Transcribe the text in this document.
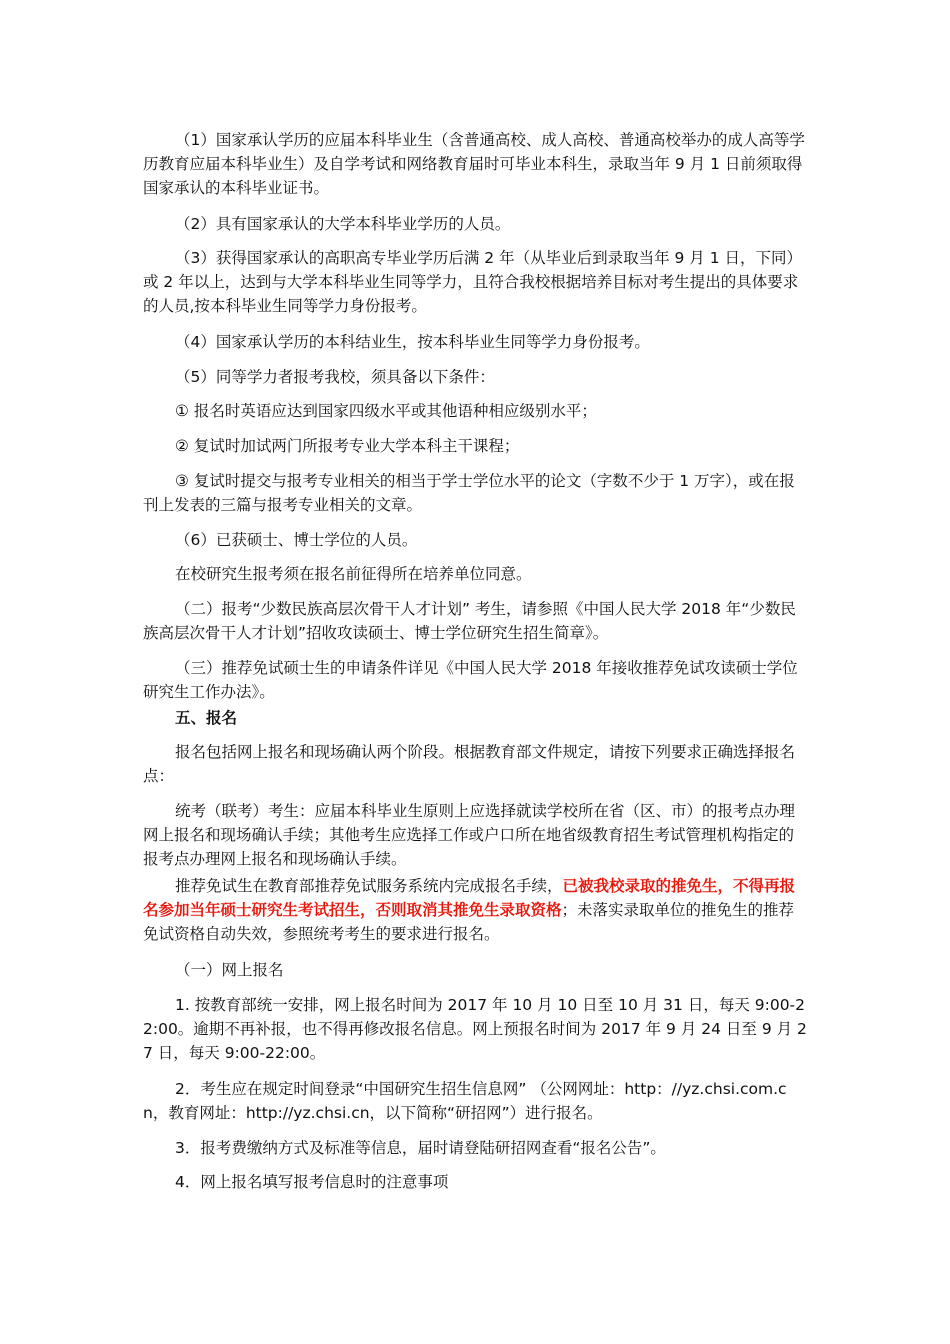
（1）国家承认学历的应届本科毕业生（含普通高校、成人高校、普通高校举办的成人高等学历教育应届本科毕业生）及自学考试和网络教育届时可毕业本科生，录取当年 9 月 1 日前须取得国家承认的本科毕业证书。

（2）具有国家承认的大学本科毕业学历的人员。

（3）获得国家承认的高职高专毕业学历后满 2 年（从毕业后到录取当年 9 月 1 日，下同）或 2 年以上，达到与大学本科毕业生同等学力，且符合我校根据培养目标对考生提出的具体要求的人员,按本科毕业生同等学力身份报考。

（4）国家承认学历的本科结业生，按本科毕业生同等学力身份报考。

（5）同等学力者报考我校，须具备以下条件：

① 报名时英语应达到国家四级水平或其他语种相应级别水平；

② 复试时加试两门所报考专业大学本科主干课程；

③ 复试时提交与报考专业相关的相当于学士学位水平的论文（字数不少于 1 万字），或在报刊上发表的三篇与报考专业相关的文章。

（6）已获硕士、博士学位的人员。

在校研究生报考须在报名前征得所在培养单位同意。

（二）报考“少数民族高层次骨干人才计划” 考生，请参照《中国人民大学 2018 年“少数民族高层次骨干人才计划”招收攻读硕士、博士学位研究生招生简章》。

（三）推荐免试硕士生的申请条件详见《中国人民大学 2018 年接收推荐免试攻读硕士学位研究生工作办法》。

五、报名

报名包括网上报名和现场确认两个阶段。根据教育部文件规定，请按下列要求正确选择报名点：

统考（联考）考生：应届本科毕业生原则上应选择就读学校所在省（区、市）的报考点办理网上报名和现场确认手续；其他考生应选择工作或户口所在地省级教育招生考试管理机构指定的报考点办理网上报名和现场确认手续。

推荐免试生在教育部推荐免试服务系统内完成报名手续，已被我校录取的推免生，不得再报名参加当年硕士研究生考试招生，否则取消其推免生录取资格；未落实录取单位的推免生的推荐免试资格自动失效，参照统考考生的要求进行报名。

（一）网上报名

1. 按教育部统一安排，网上报名时间为 2017 年 10 月 10 日至 10 月 31 日，每天 9:00-22:00。逾期不再补报，也不得再修改报名信息。网上预报名时间为 2017 年 9 月 24 日至 9 月 27 日，每天 9:00-22:00。

2．考生应在规定时间登录“中国研究生招生信息网” （公网网址：http：//yz.chsi.com.cn，教育网址：http://yz.chsi.cn，以下简称“研招网”）进行报名。

3．报考费缴纳方式及标准等信息，届时请登陆研招网查看“报名公告”。

4．网上报名填写报考信息时的注意事项
